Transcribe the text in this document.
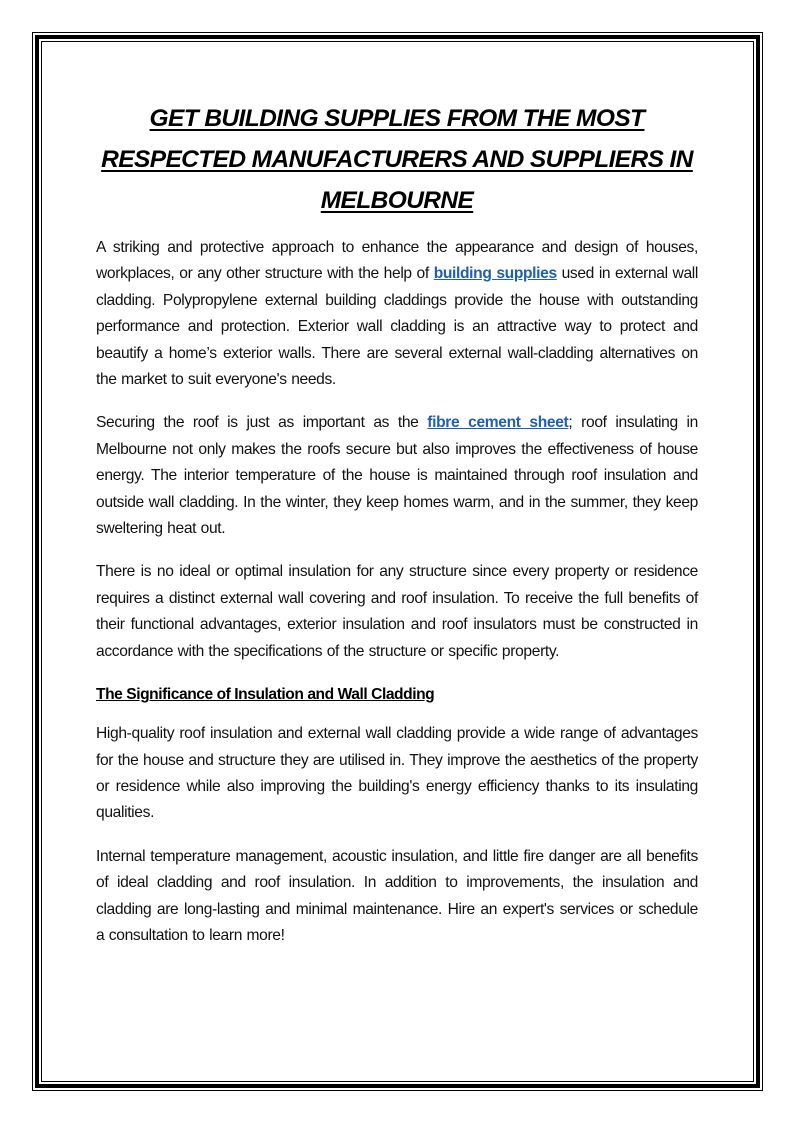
GET BUILDING SUPPLIES FROM THE MOST
RESPECTED MANUFACTURERS AND SUPPLIERS IN
MELBOURNE

A striking and protective approach to enhance the appearance and design of houses, workplaces, or any other structure with the help of building supplies used in external wall cladding. Polypropylene external building claddings provide the house with outstanding performance and protection. Exterior wall cladding is an attractive way to protect and beautify a home’s exterior walls. There are several external wall-cladding alternatives on the market to suit everyone's needs.

Securing the roof is just as important as the fibre cement sheet; roof insulating in Melbourne not only makes the roofs secure but also improves the effectiveness of house energy. The interior temperature of the house is maintained through roof insulation and outside wall cladding. In the winter, they keep homes warm, and in the summer, they keep sweltering heat out.

There is no ideal or optimal insulation for any structure since every property or residence requires a distinct external wall covering and roof insulation. To receive the full benefits of their functional advantages, exterior insulation and roof insulators must be constructed in accordance with the specifications of the structure or specific property.

The Significance of Insulation and Wall Cladding

High-quality roof insulation and external wall cladding provide a wide range of advantages for the house and structure they are utilised in. They improve the aesthetics of the property or residence while also improving the building's energy efficiency thanks to its insulating qualities.

Internal temperature management, acoustic insulation, and little fire danger are all benefits of ideal cladding and roof insulation. In addition to improvements, the insulation and cladding are long-lasting and minimal maintenance. Hire an expert's services or schedule a consultation to learn more!
